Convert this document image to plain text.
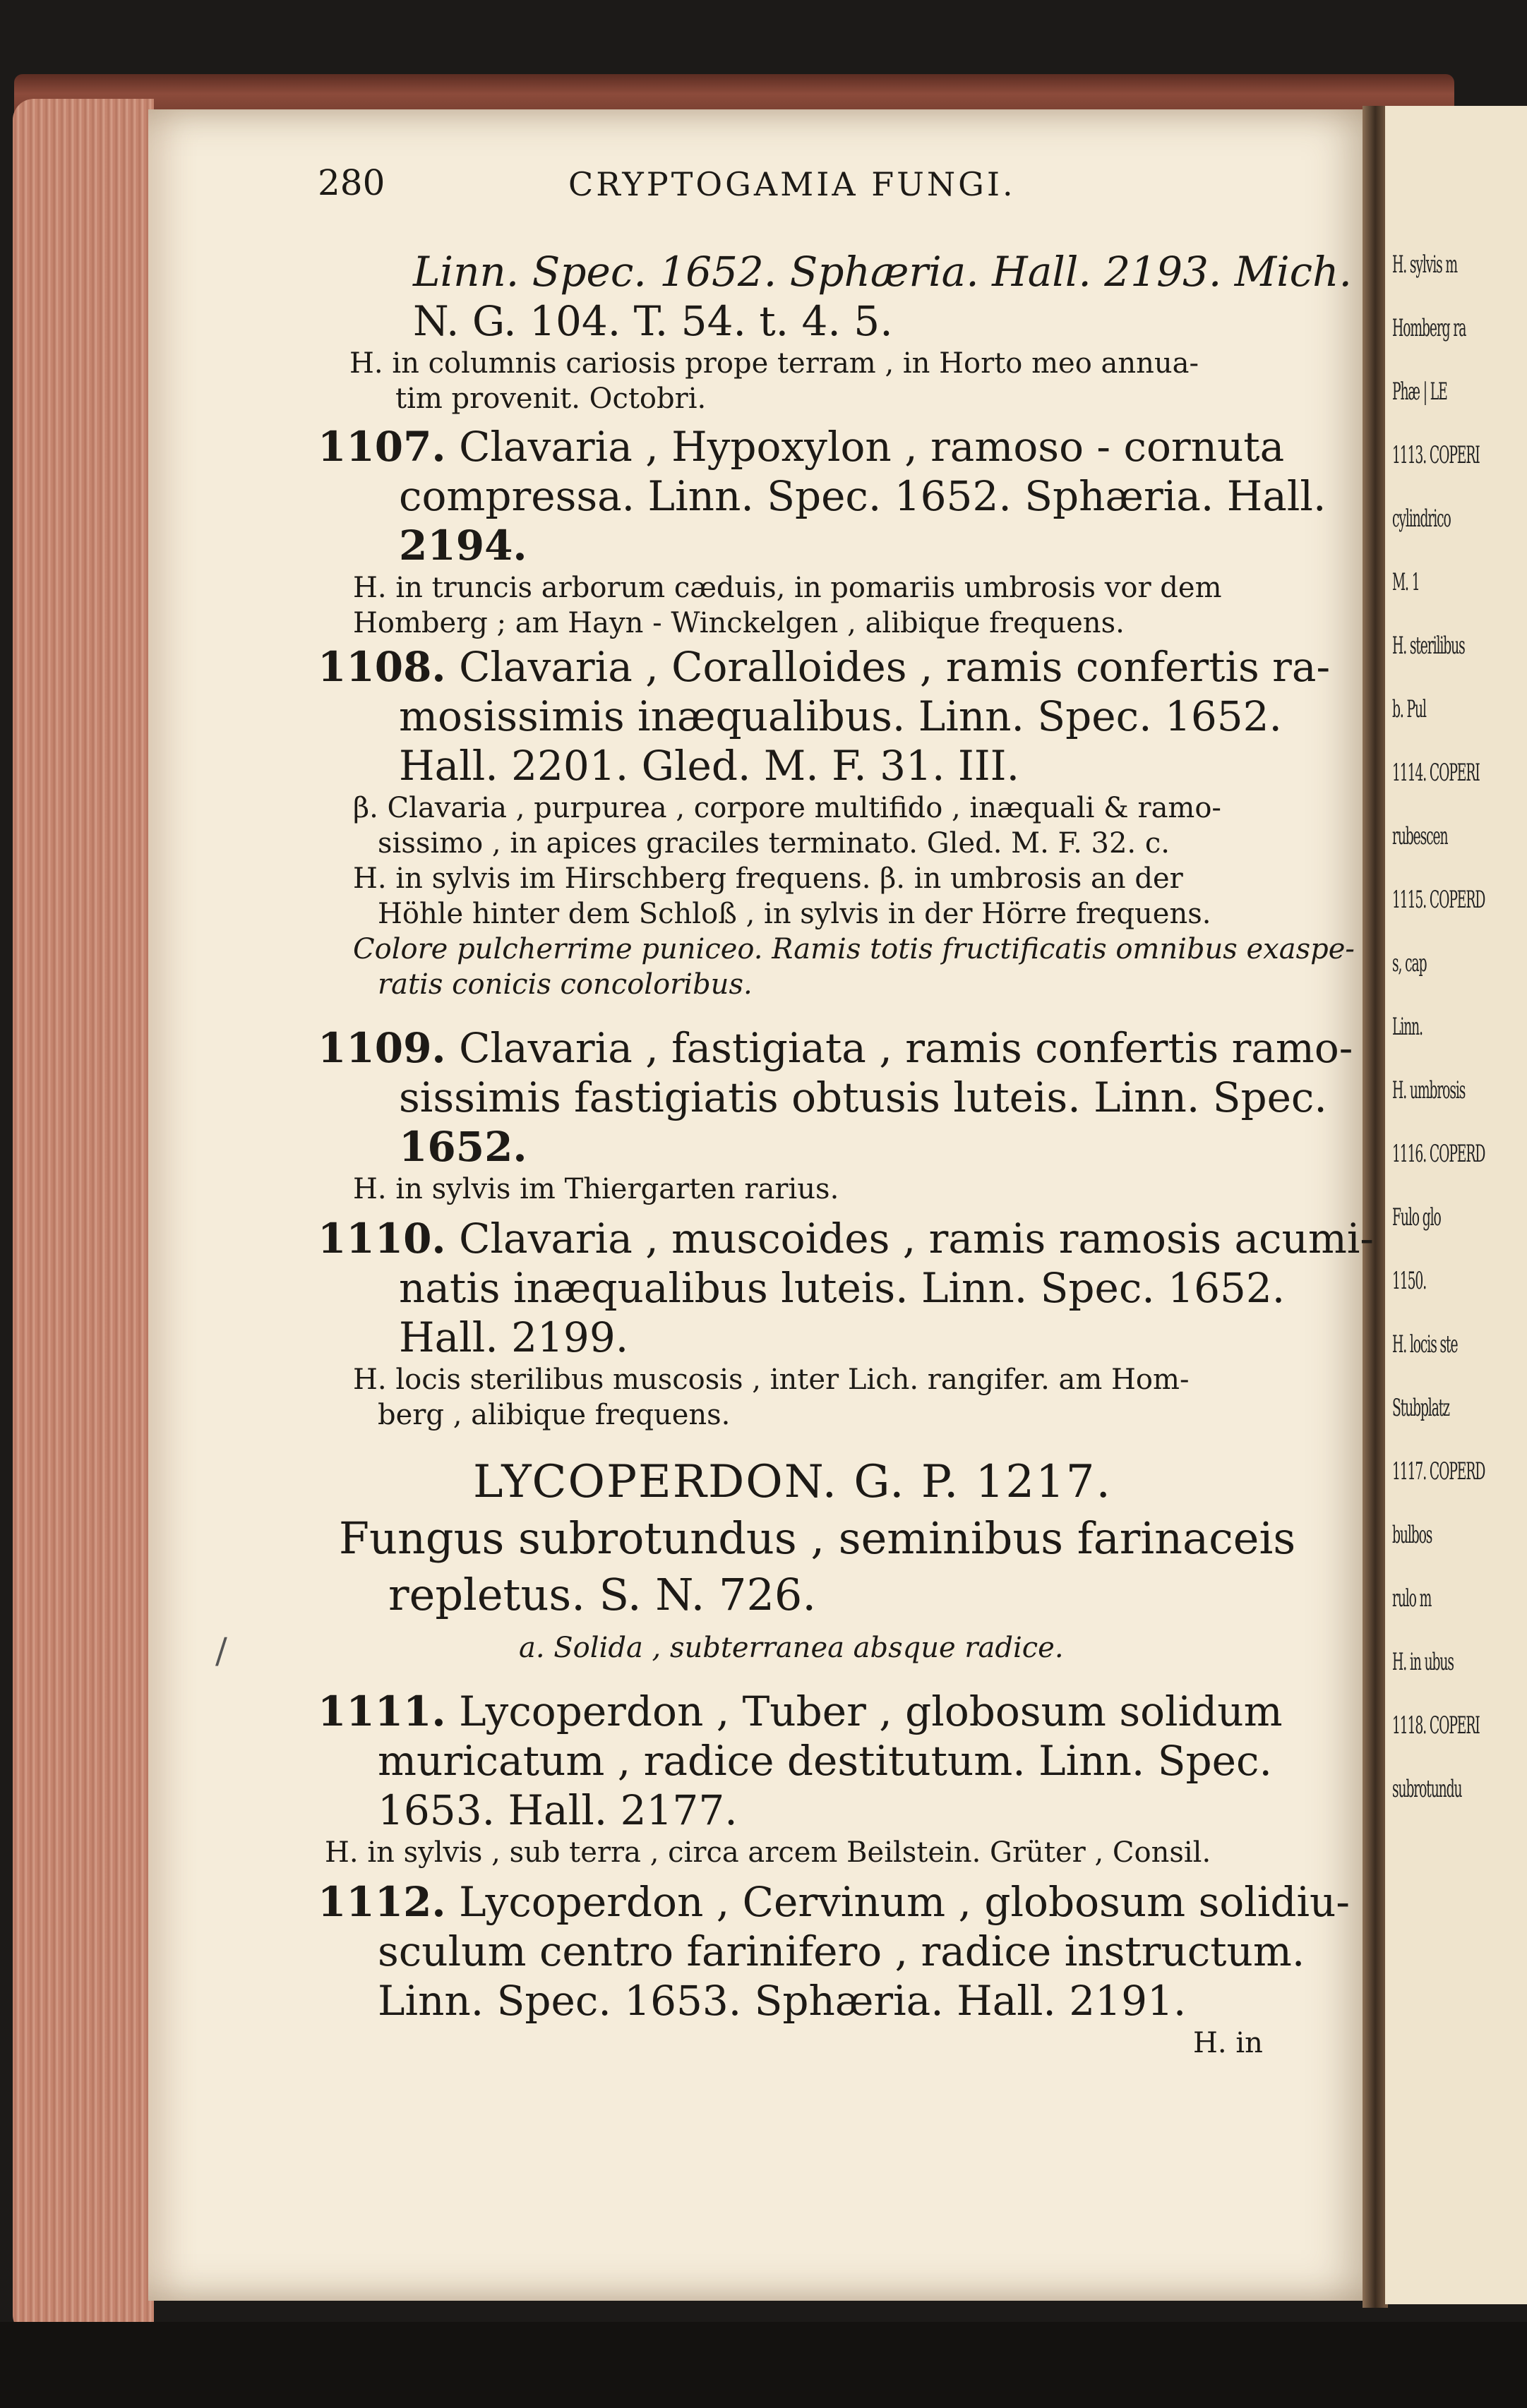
H. sylvis m
Homberg ra
Phæ | LE
1113. COPERI
cylindrico
M. 1
H. sterilibus
b. Pul
1114. COPERI
rubescen
1115. COPERD
s, cap
Linn.
H. umbrosis
1116. COPERD
Fulo glo
1150.
H. locis ste
Stubplatz
1117. COPERD
bulbos
rulo m
H. in ubus
1118. COPERI
subrotundu
/
280	CRYPTOGAMIA FUNGI.
Linn. Spec. 1652. Sphæria. Hall. 2193. Mich.
N. G. 104. T. 54. t. 4. 5.
H. in columnis cariosis prope terram , in Horto meo annua-
tim provenit. Octobri.
1107. Clavaria , Hypoxylon , ramoso - cornuta
compressa. Linn. Spec. 1652. Sphæria. Hall.
2194.
H. in truncis arborum cæduis, in pomariis umbrosis vor dem
Homberg ; am Hayn - Winckelgen , alibique frequens.
1108. Clavaria , Coralloides , ramis confertis ra-
mosissimis inæqualibus. Linn. Spec. 1652.
Hall. 2201. Gled. M. F. 31. III.
β. Clavaria , purpurea , corpore multifido , inæquali & ramo-
sissimo , in apices graciles terminato. Gled. M. F. 32. c.
H. in sylvis im Hirschberg frequens. β. in umbrosis an der
Höhle hinter dem Schloß , in sylvis in der Hörre frequens.
Colore pulcherrime puniceo. Ramis totis fructificatis omnibus exaspe-
ratis conicis concoloribus.
1109. Clavaria , fastigiata , ramis confertis ramo-
sissimis fastigiatis obtusis luteis. Linn. Spec.
1652.
H. in sylvis im Thiergarten rarius.
1110. Clavaria , muscoides , ramis ramosis acumi-
natis inæqualibus luteis. Linn. Spec. 1652.
Hall. 2199.
H. locis sterilibus muscosis , inter Lich. rangifer. am Hom-
berg , alibique frequens.
LYCOPERDON. G. P. 1217.
Fungus subrotundus , seminibus farinaceis
repletus. S. N. 726.
a. Solida , subterranea absque radice.
1111. Lycoperdon , Tuber , globosum solidum
muricatum , radice destitutum. Linn. Spec.
1653. Hall. 2177.
H. in sylvis , sub terra , circa arcem Beilstein. Grüter , Consil.
1112. Lycoperdon , Cervinum , globosum solidiu-
sculum centro farinifero , radice instructum.
Linn. Spec. 1653. Sphæria. Hall. 2191.
H. in
